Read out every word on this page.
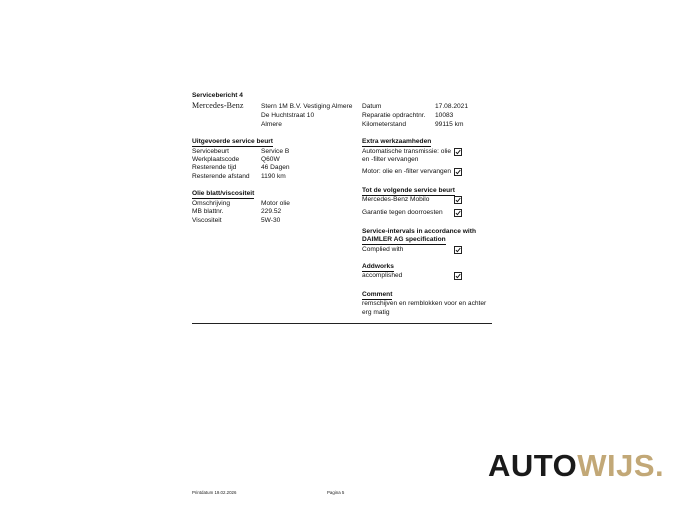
Servicebericht 4
Mercedes-Benz	Stern 1M B.V. Vestiging Almere
De Huchtstraat 10
Almere
Datum	17.08.2021
Reparatie opdrachtnr. 10083
Kilometerstand	99115 km
Uitgevoerde service beurt
Servicebeurt	Service B
Werkplaatscode	Q60W
Resterende tijd	46 Dagen
Resterende afstand 1190 km
Olie blatt/viscositeit
Omschrijving	Motor olie
MB blattnr.	229.52
Viscositeit	5W-30
Extra werkzaamheden
Automatische transmissie: olie
en -filter vervangen
Motor: olie en -filter vervangen
Tot de volgende service beurt
Mercedes-Benz Mobilo
Garantie tegen doorroesten
Service-intervals in accordance with
DAIMLER AG specification
Complied with
Addworks
accomplished
Comment
remschijven en remblokken voor en achter
erg matig
AUTOWIJS.
Printdatum 19.02.2026	Pagina 5
